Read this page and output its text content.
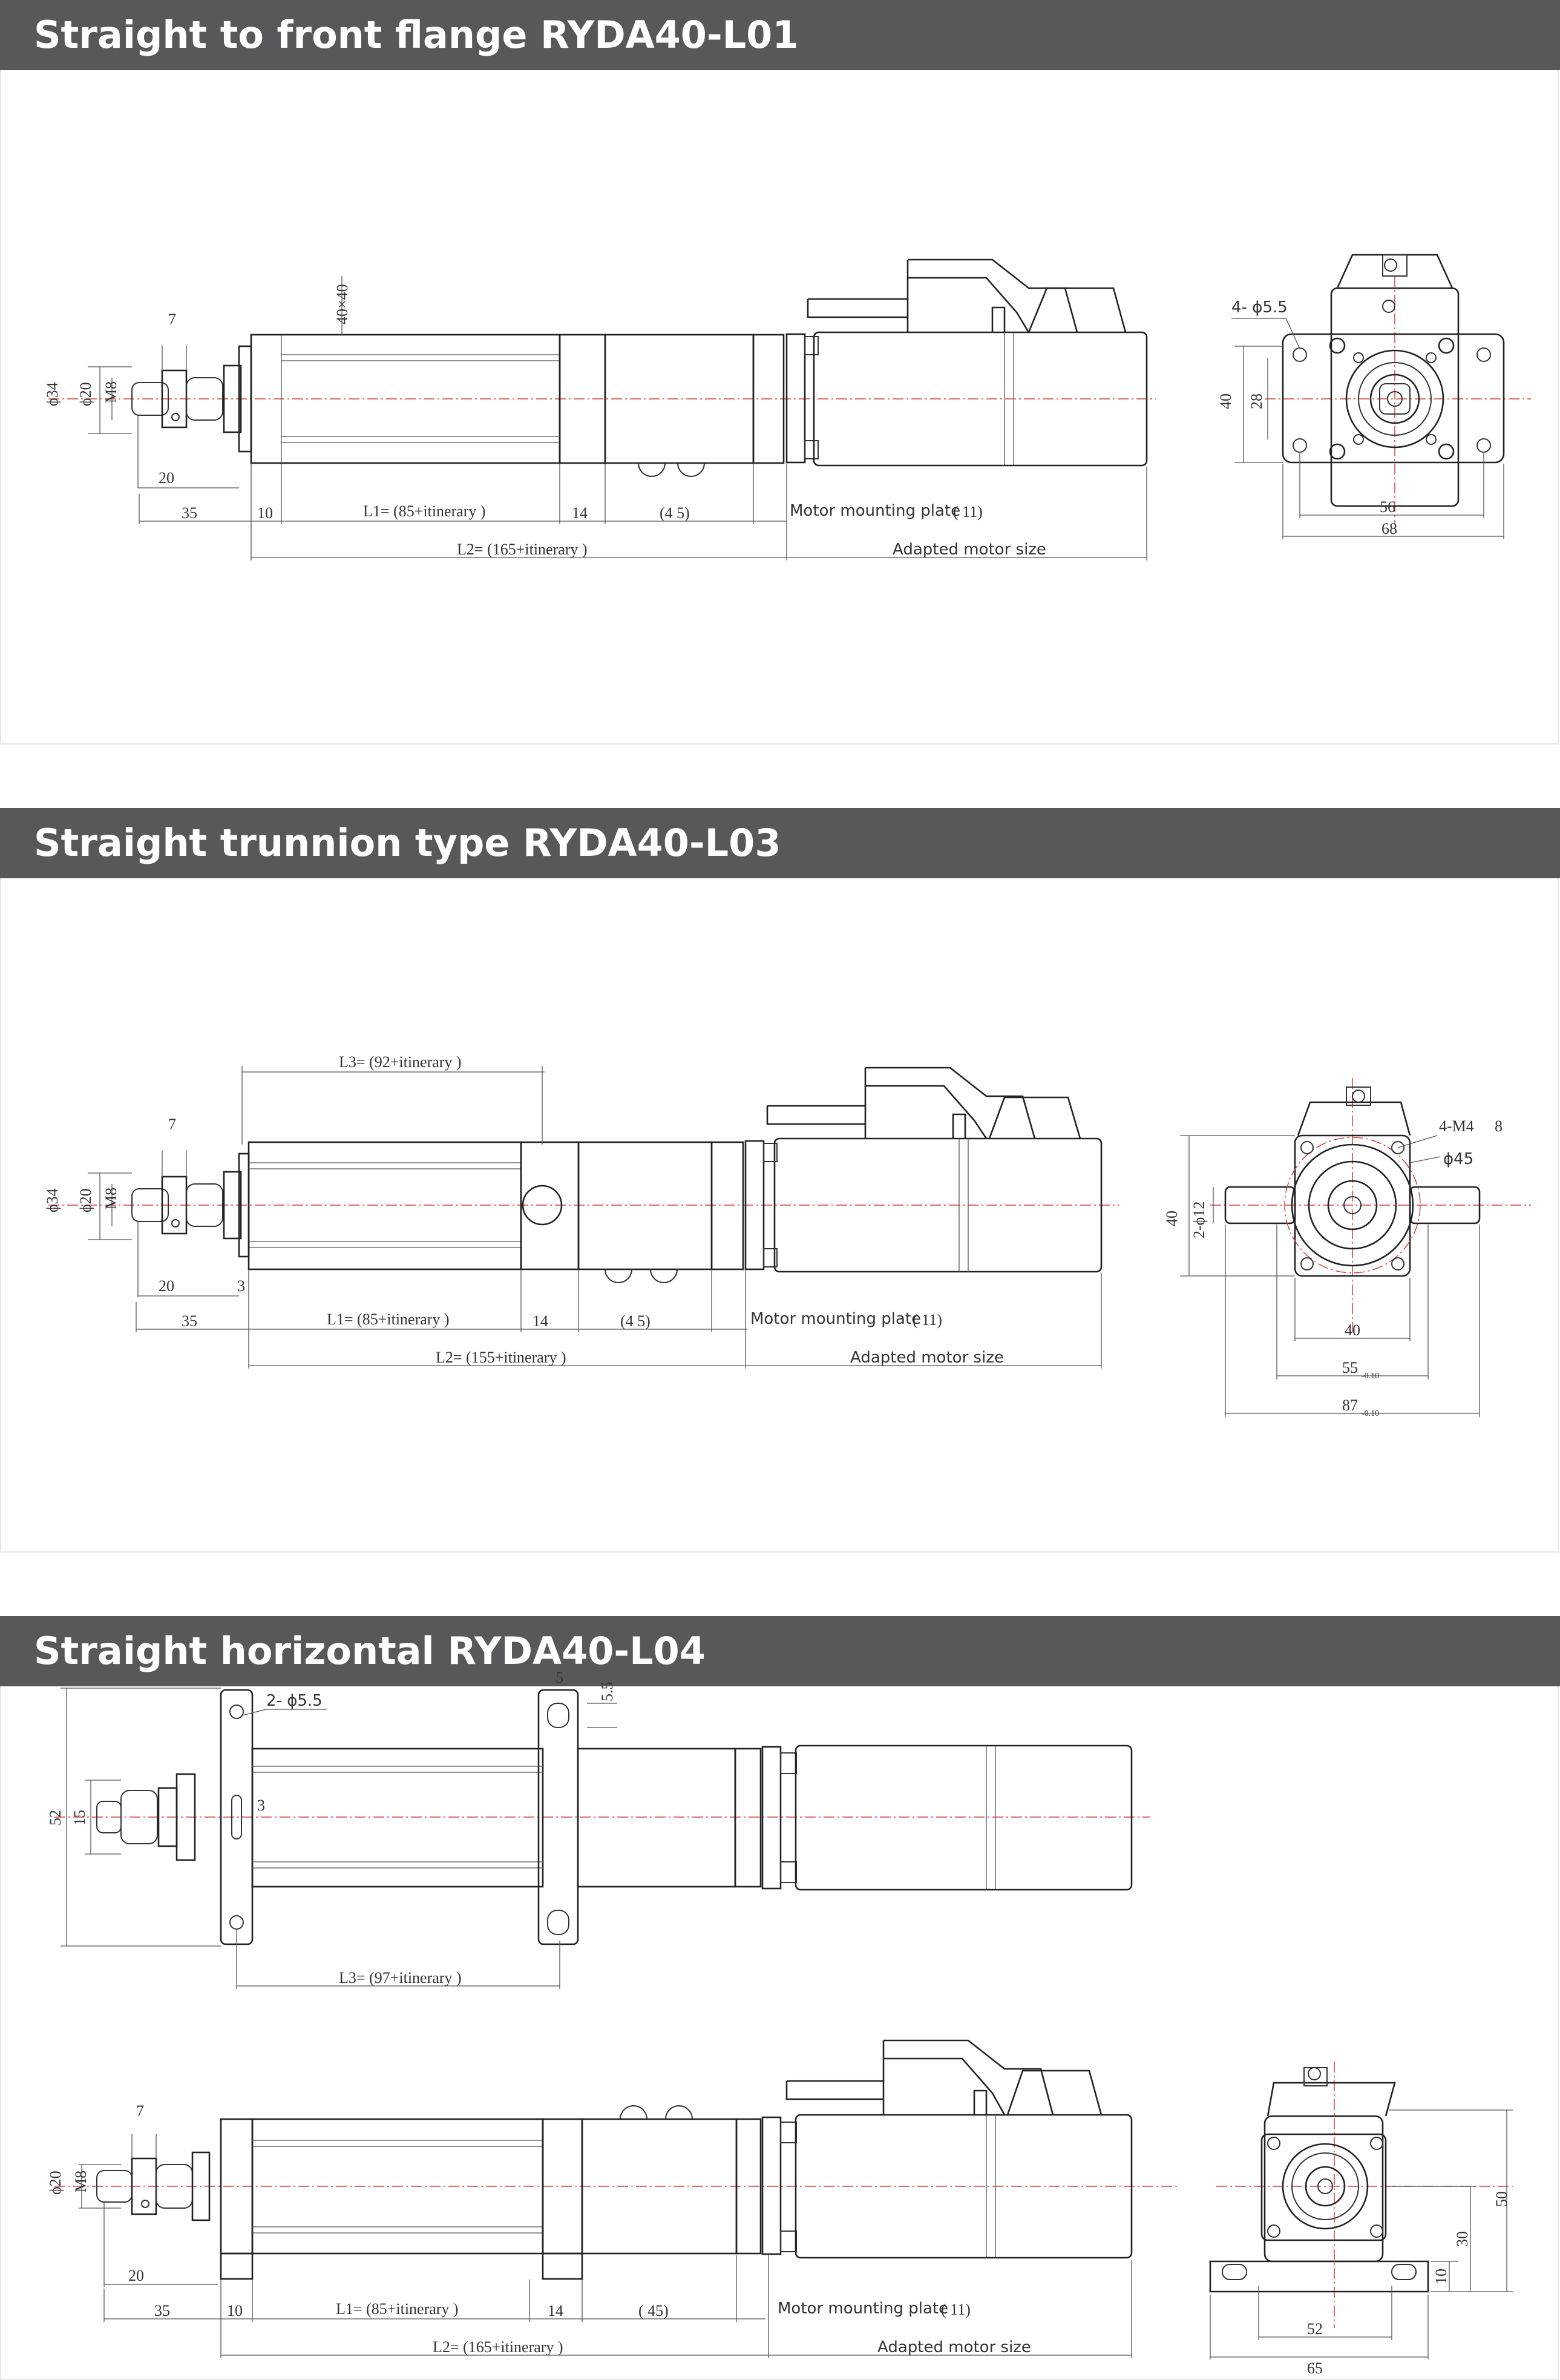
Straight to front flange RYDA40-L01
ϕ34 ϕ20 M8
7
20
40×40
35	10	L1= (85+itinerary )	14	(4 5)	Motor mounting plate
( 11)
L2= (165+itinerary )	Adapted motor size
4- ϕ5.5
40 28
56
68
Straight trunnion type RYDA40-L03
ϕ34 ϕ20 M8
7
L3= (92+itinerary )
20	3
35	L1= (85+itinerary )	14	(4 5)	Motor mounting plate
( 11)
L2= (155+itinerary )	Adapted motor size
4-M4 8
ϕ45
40 2-ϕ12
40
55 -0.10
87 -0.10
Straight horizontal RYDA40-L04
2- ϕ5.5
5
5.5
52 15
3
L3= (97+itinerary )
ϕ20 M8
7
20
35	10	L1= (85+itinerary )	14	( 45)	Motor mounting plate
( 11)
L2= (165+itinerary )	Adapted motor size
50
30
10
52
65
